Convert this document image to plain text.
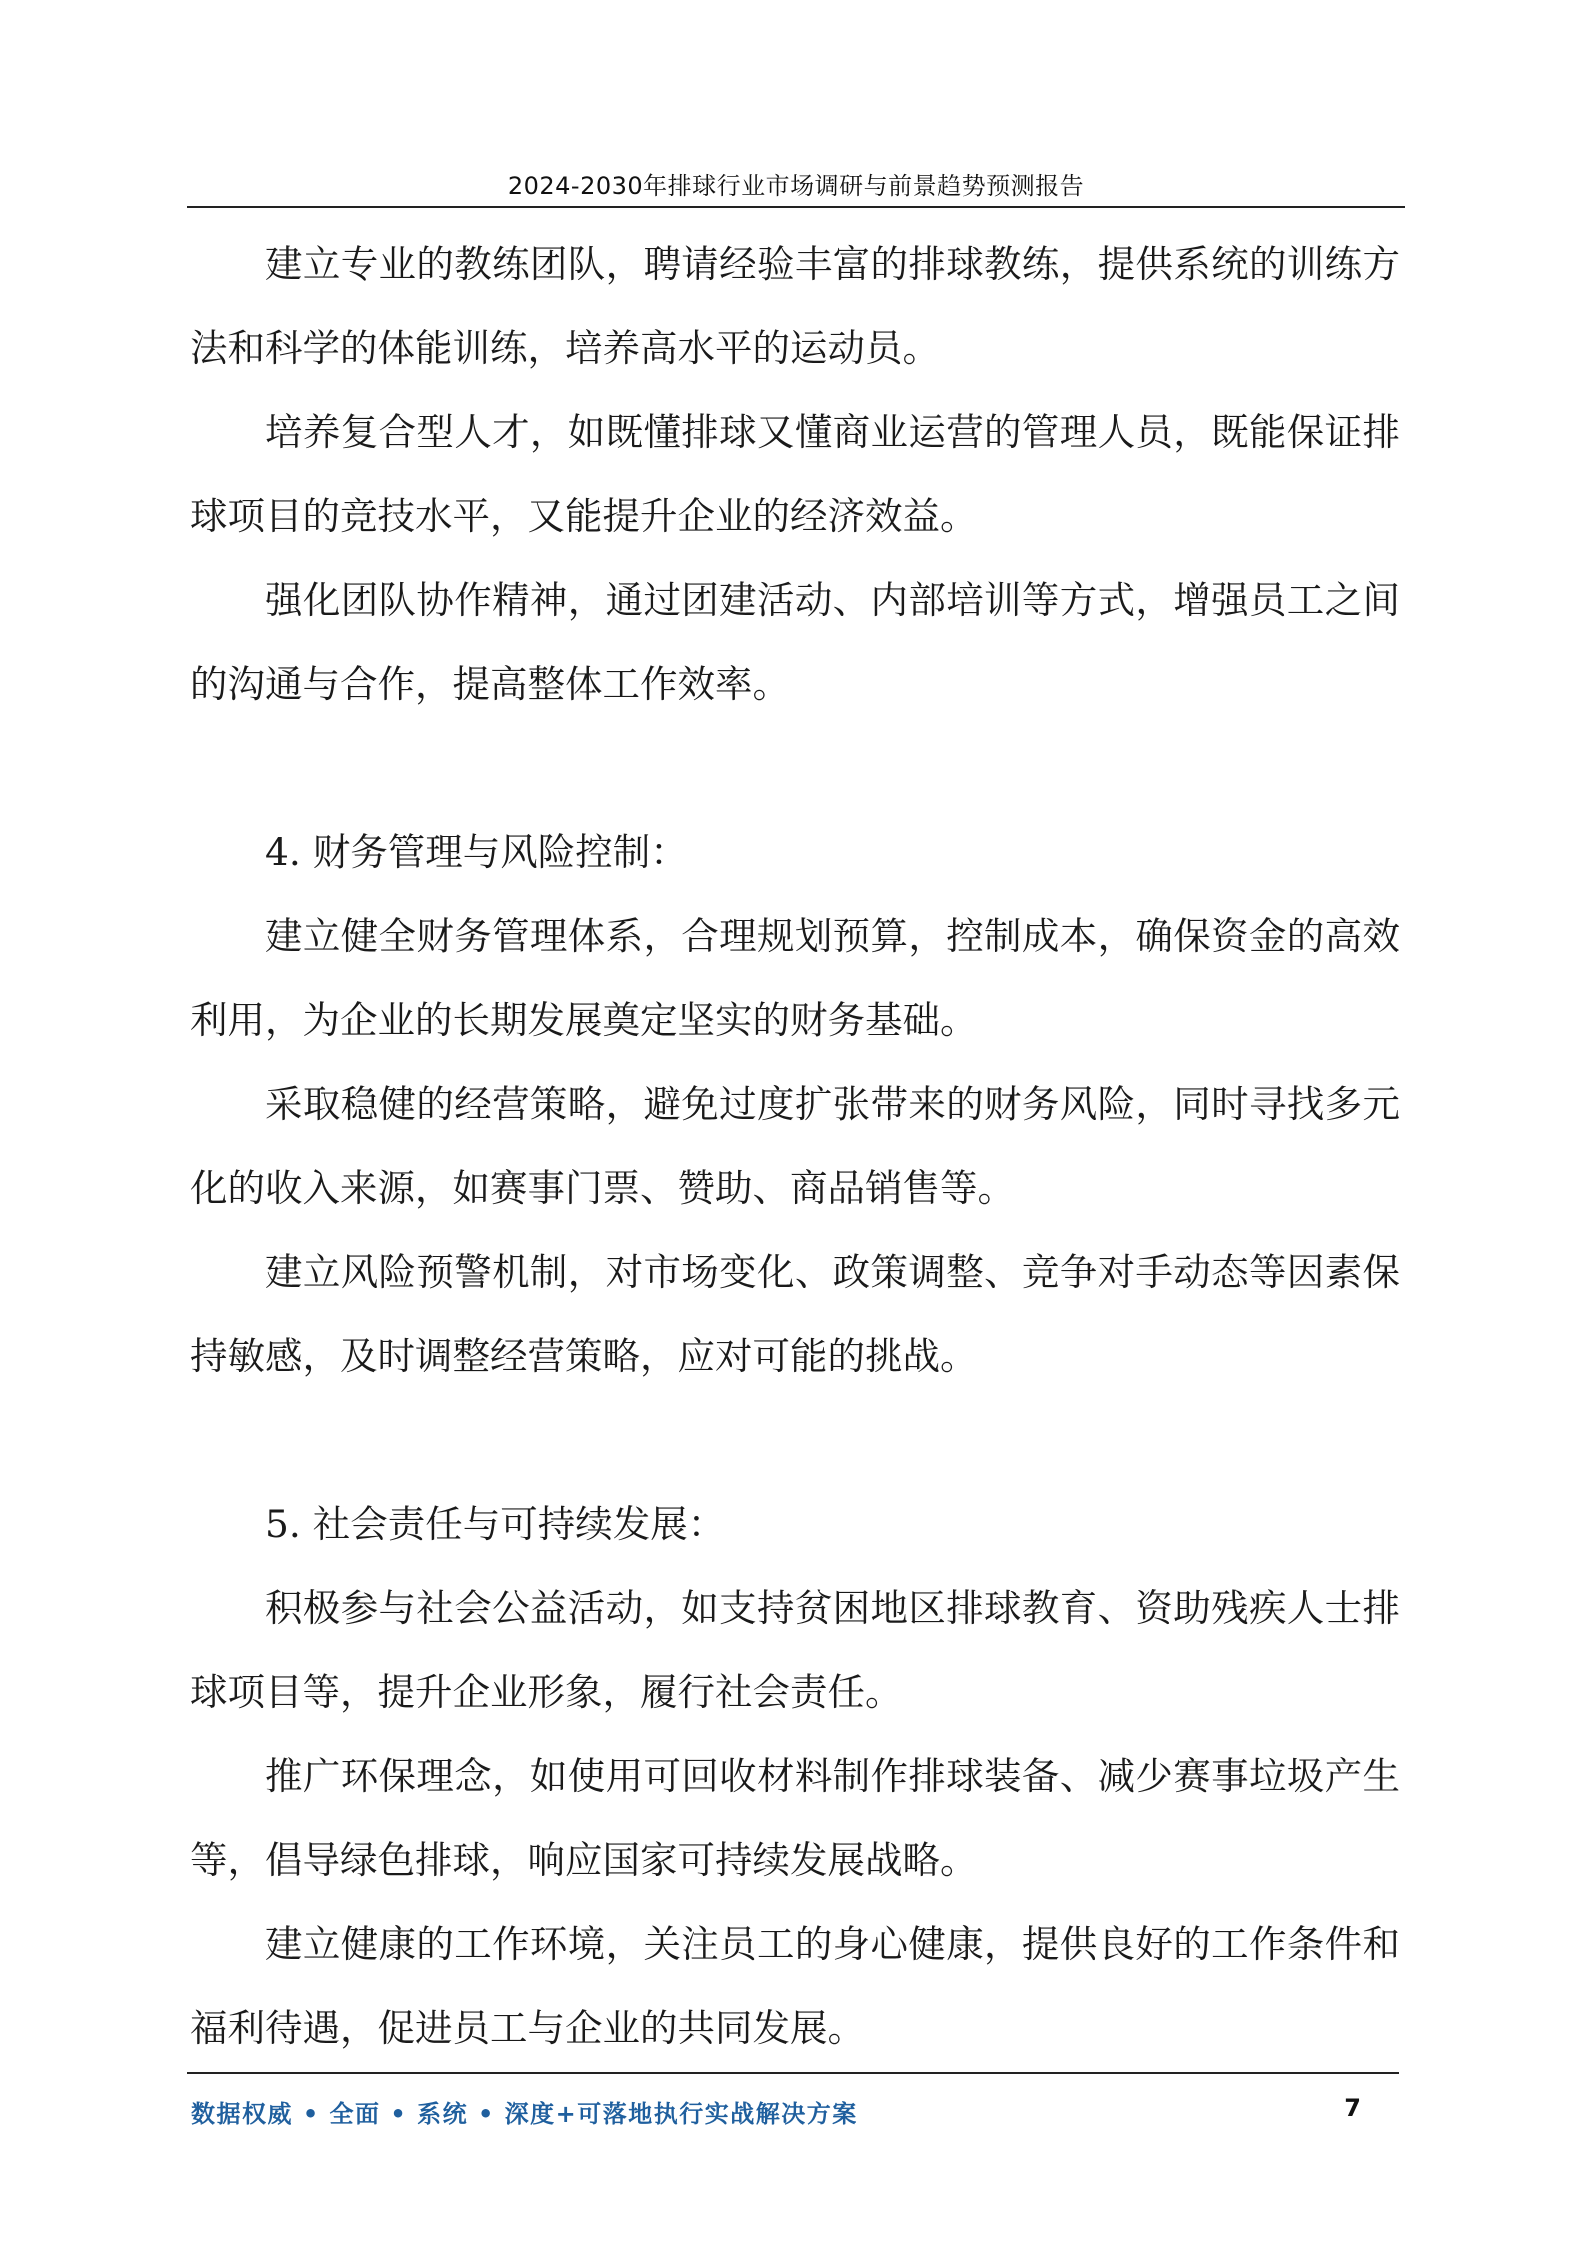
2024-2030年排球行业市场调研与前景趋势预测报告

建立专业的教练团队，聘请经验丰富的排球教练，提供系统的训练方法和科学的体能训练，培养高水平的运动员。

培养复合型人才，如既懂排球又懂商业运营的管理人员，既能保证排球项目的竞技水平，又能提升企业的经济效益。

强化团队协作精神，通过团建活动、内部培训等方式，增强员工之间的沟通与合作，提高整体工作效率。

4. 财务管理与风险控制：

建立健全财务管理体系，合理规划预算，控制成本，确保资金的高效利用，为企业的长期发展奠定坚实的财务基础。

采取稳健的经营策略，避免过度扩张带来的财务风险，同时寻找多元化的收入来源，如赛事门票、赞助、商品销售等。

建立风险预警机制，对市场变化、政策调整、竞争对手动态等因素保持敏感，及时调整经营策略，应对可能的挑战。

5. 社会责任与可持续发展：

积极参与社会公益活动，如支持贫困地区排球教育、资助残疾人士排球项目等，提升企业形象，履行社会责任。

推广环保理念，如使用可回收材料制作排球装备、减少赛事垃圾产生等，倡导绿色排球，响应国家可持续发展战略。

建立健康的工作环境，关注员工的身心健康，提供良好的工作条件和福利待遇，促进员工与企业的共同发展。

数据权威 • 全面 • 系统 • 深度+可落地执行实战解决方案	7
